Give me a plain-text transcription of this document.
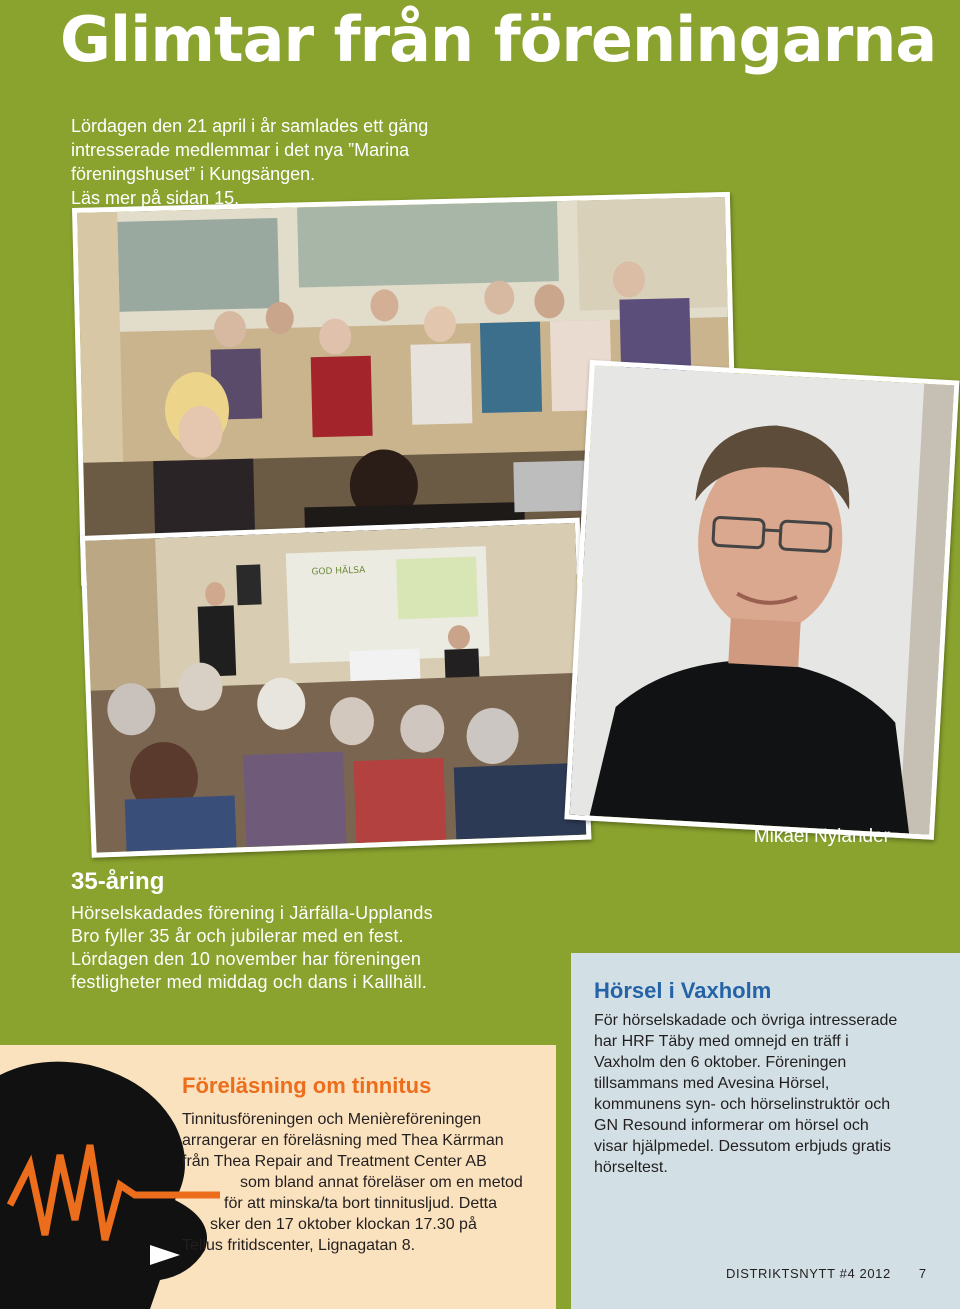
Glimtar från föreningarna

Lördagen den 21 april i år samlades ett gäng

intresserade medlemmar i det nya ”Marina

föreningshuset” i Kungsängen.

Läs mer på sidan 15.

GOD HÄLSA
Mikael Nylander
35-åring

Hörselskadades förening i Järfälla-Upplands

Bro fyller 35 år och jubilerar med en fest.

Lördagen den 10 november har föreningen

festligheter med middag och dans i Kallhäll.

Föreläsning om tinnitus

Tinnitusföreningen och Menièreföreningen
arrangerar en föreläsning med Thea Kärrman
från Thea Repair and Treatment Center AB
som bland annat föreläser om en metod
för att minska/ta bort tinnitusljud. Detta
sker den 17 oktober klockan 17.30 på
Tellus fritidscenter, Lignagatan 8.

Hörsel i Vaxholm

För hörselskadade och övriga intresserade

har HRF Täby med omnejd en träff i

Vaxholm den 6 oktober. Föreningen

tillsammans med Avesina Hörsel,

kommunens syn- och hörselinstruktör och

GN Resound informerar om hörsel och

visar hjälpmedel. Dessutom erbjuds gratis

hörseltest.

DISTRIKTSNYTT #4 2012 7
